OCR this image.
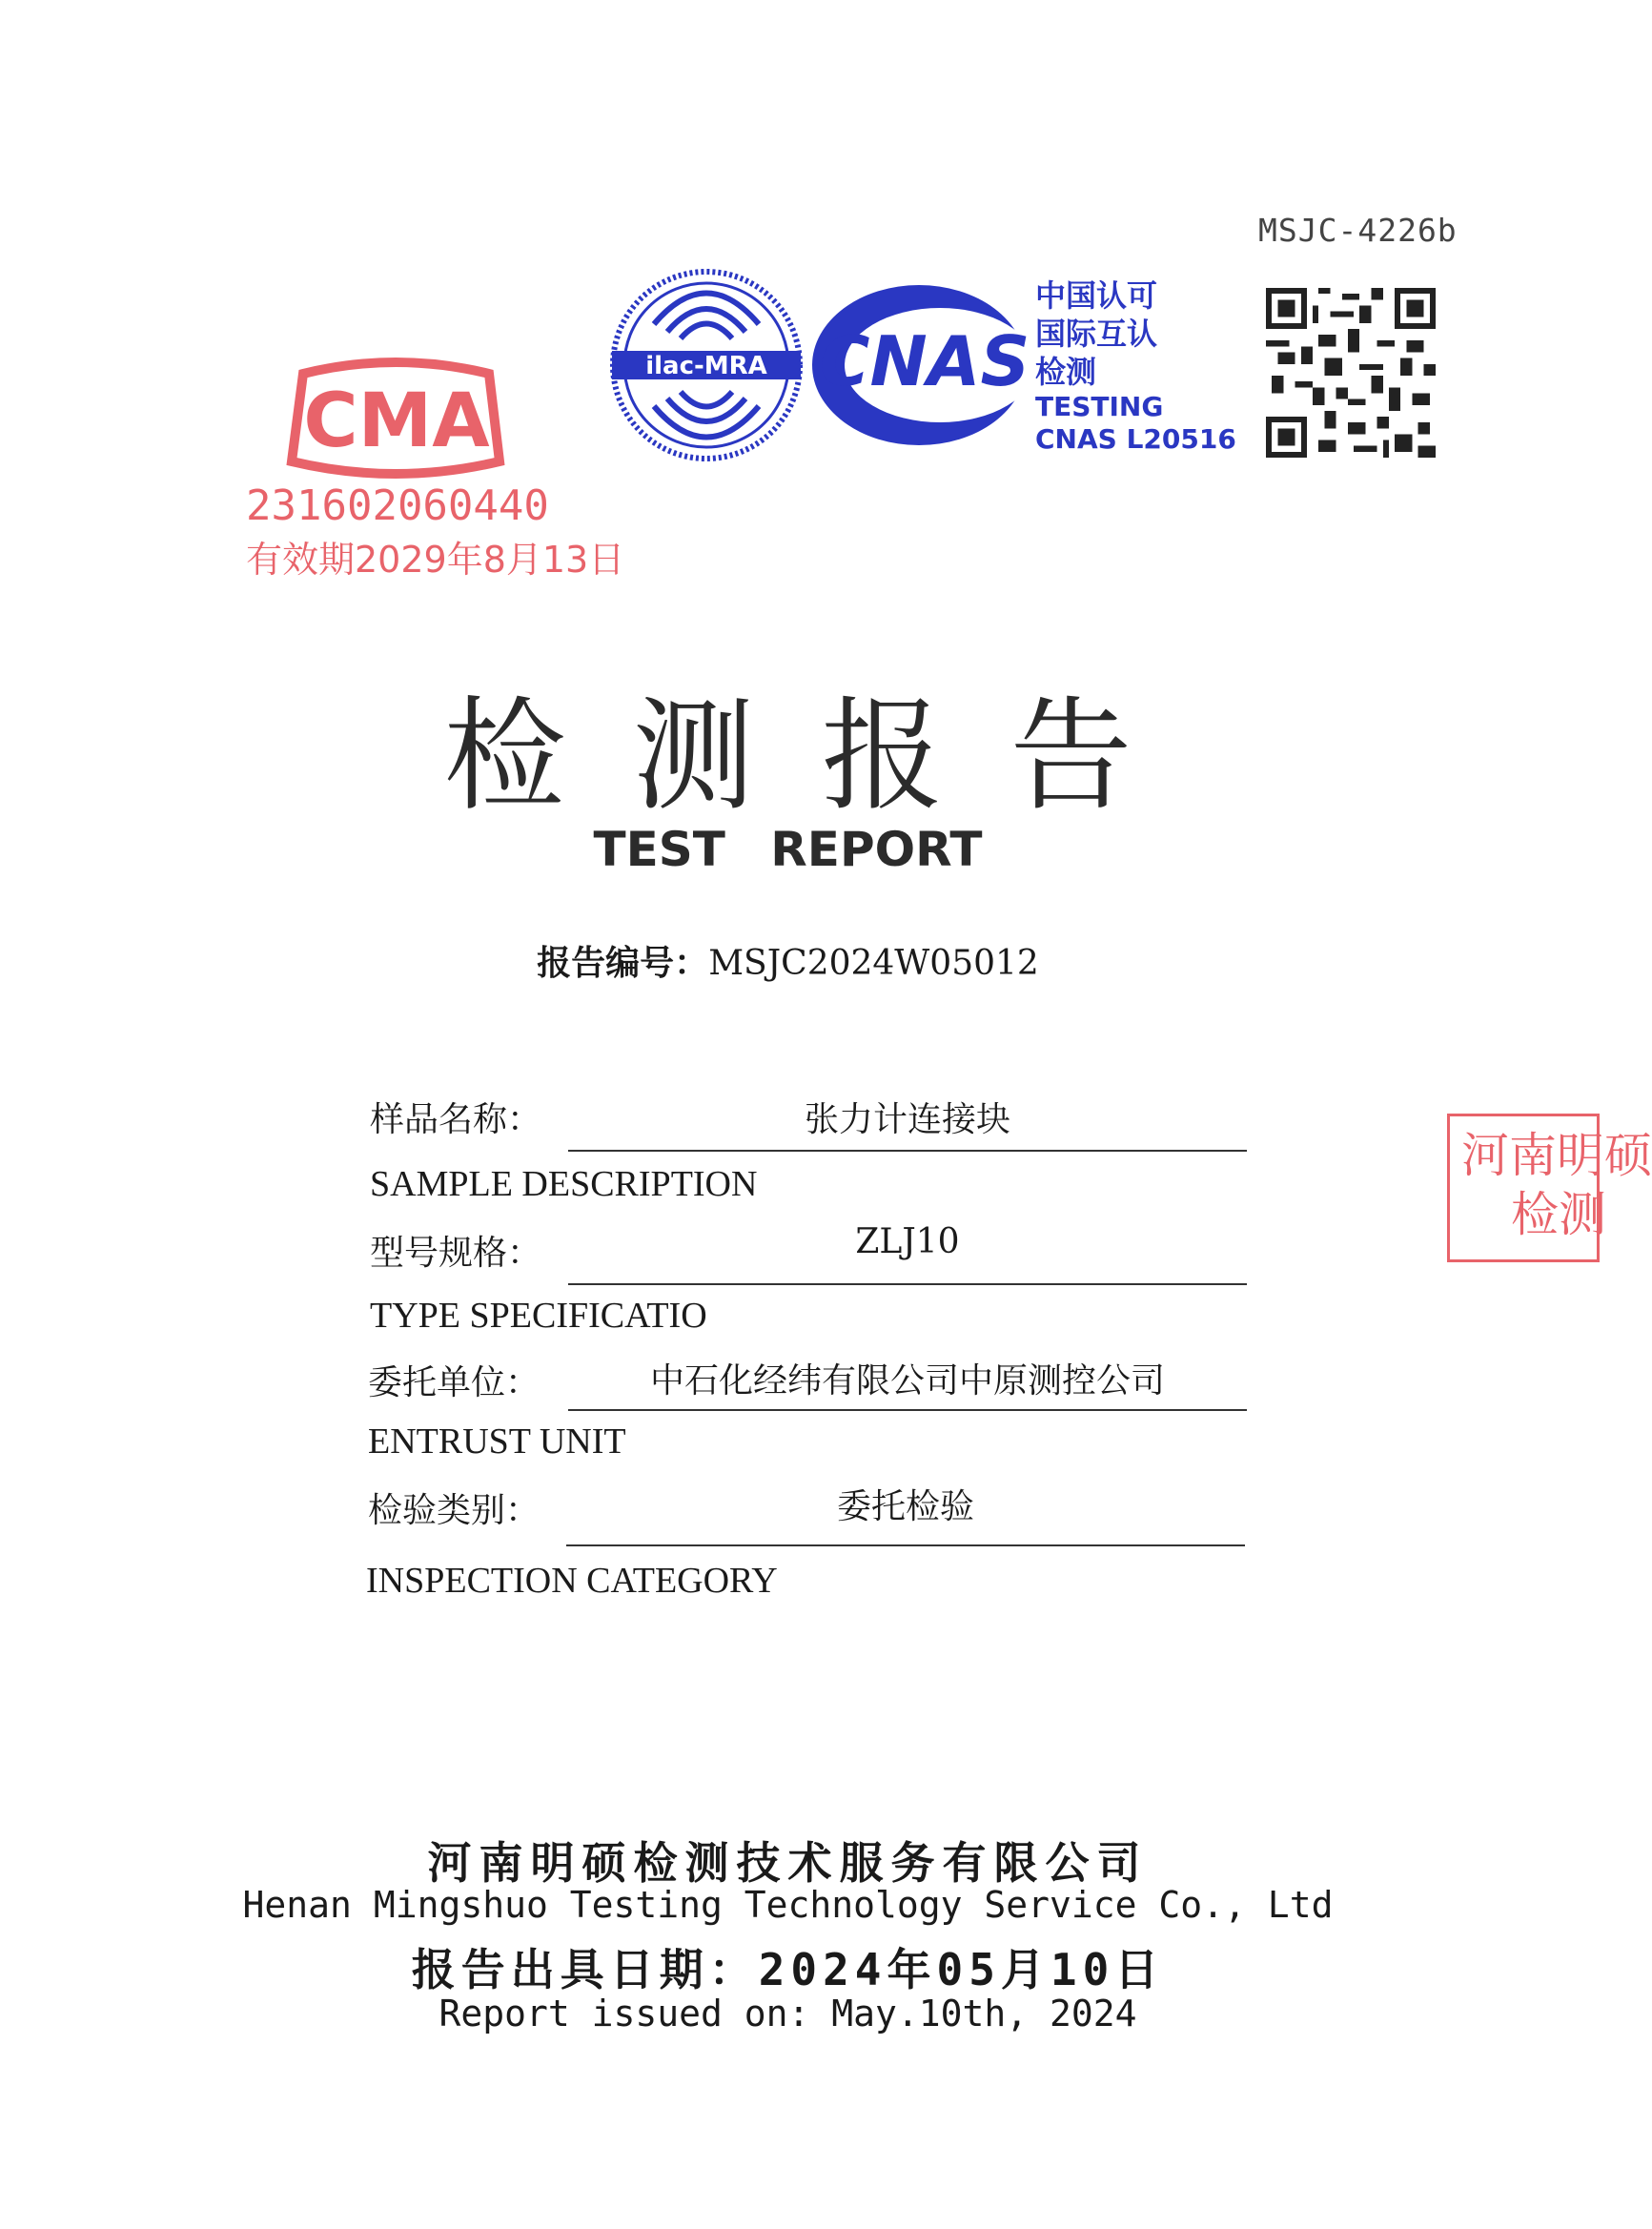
MSJC-4226b
CMA
231602060440
有效期2029年8月13日
ilac-MRA CNAS
中国认可
国际互认
检测
TESTING
CNAS L20516
检测报告
TEST REPORT
报告编号：MSJC2024W05012
样品名称：	张力计连接块
SAMPLE DESCRIPTION
型号规格：	ZLJ10
TYPE SPECIFICATIO
委托单位：	中石化经纬有限公司中原测控公司
ENTRUST UNIT
检验类别：	委托检验
INSPECTION CATEGORY
河南明硕
检测
河南明硕检测技术服务有限公司
Henan Mingshuo Testing Technology Service Co., Ltd
报告出具日期：2024年05月10日
Report issued on: May.10th, 2024
